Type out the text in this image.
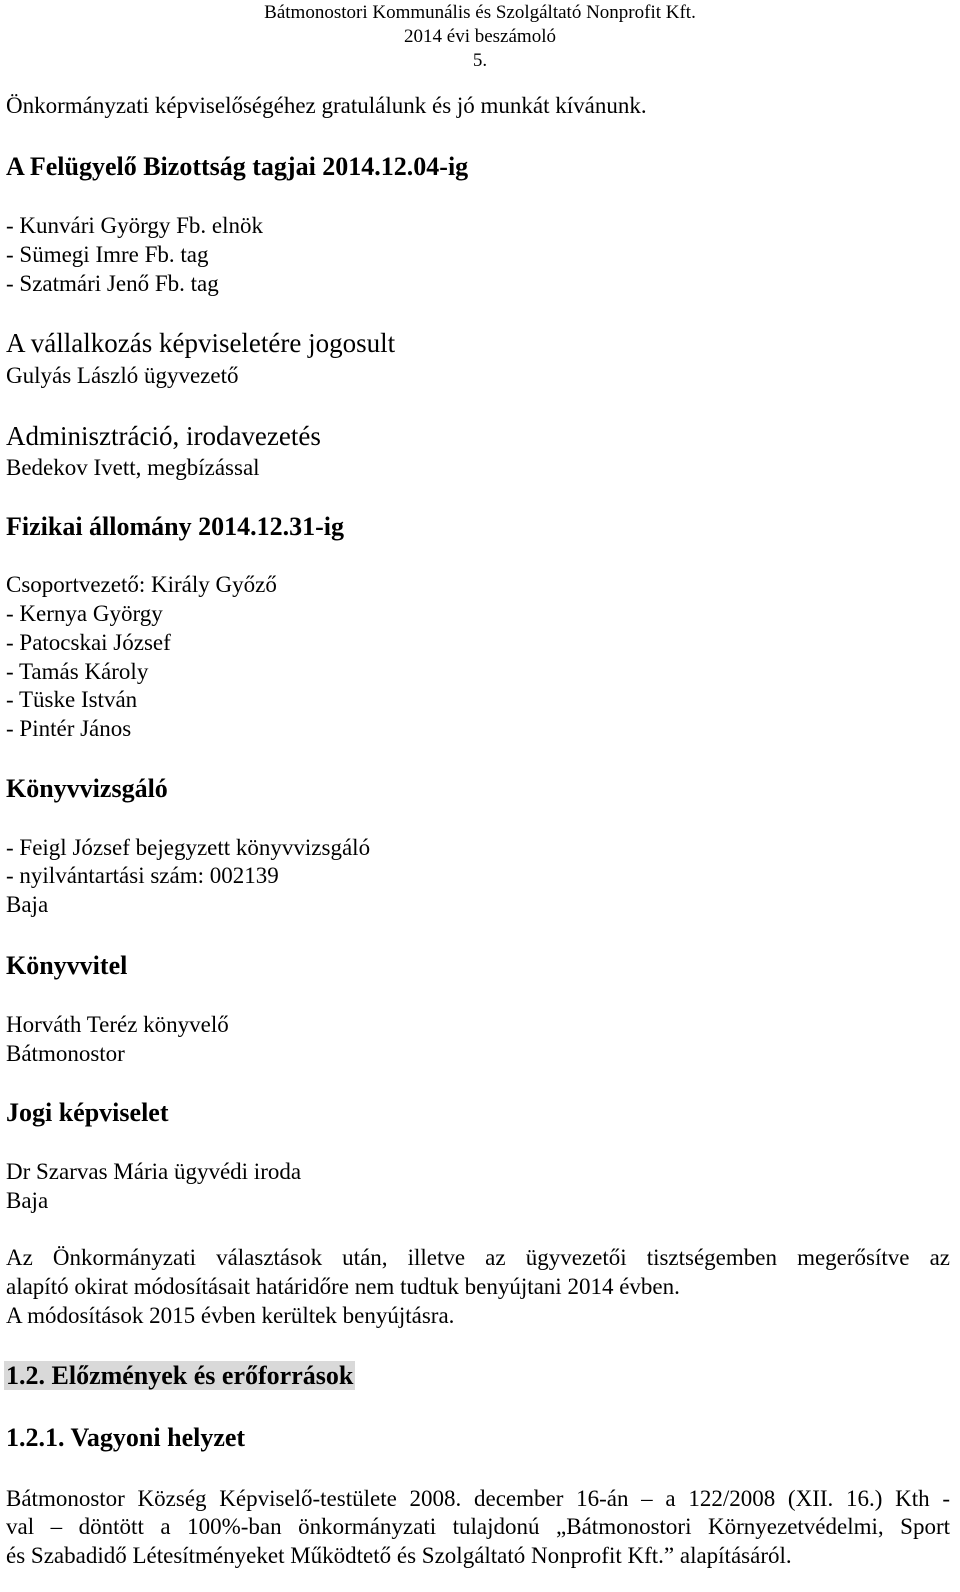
Bátmonostori Kommunális és Szolgáltató Nonprofit Kft.
2014 évi beszámoló
5.
Önkormányzati képviselőségéhez gratulálunk és jó munkát kívánunk.
A Felügyelő Bizottság tagjai 2014.12.04-ig
- Kunvári György Fb. elnök
- Sümegi Imre Fb. tag
- Szatmári Jenő Fb. tag
A vállalkozás képviseletére jogosult
Gulyás László ügyvezető
Adminisztráció, irodavezetés
Bedekov Ivett, megbízással
Fizikai állomány 2014.12.31-ig
Csoportvezető: Király Győző
- Kernya György
- Patocskai József
- Tamás Károly
- Tüske István
- Pintér János
Könyvvizsgáló
- Feigl József bejegyzett könyvvizsgáló
- nyilvántartási szám: 002139
Baja
Könyvvitel
Horváth Teréz könyvelő
Bátmonostor
Jogi képviselet
Dr Szarvas Mária ügyvédi iroda
Baja
Az Önkormányzati választások után, illetve az ügyvezetői tisztségemben megerősítve az
alapító okirat módosításait határidőre nem tudtuk benyújtani 2014 évben.
A módosítások 2015 évben kerültek benyújtásra.
1.2. Előzmények és erőforrások
1.2.1. Vagyoni helyzet
Bátmonostor Község Képviselő-testülete 2008. december 16-án – a 122/2008 (XII. 16.) Kth -
val – döntött a 100%-ban önkormányzati tulajdonú „Bátmonostori Környezetvédelmi, Sport
és Szabadidő Létesítményeket Működtető és Szolgáltató Nonprofit Kft.” alapításáról.
